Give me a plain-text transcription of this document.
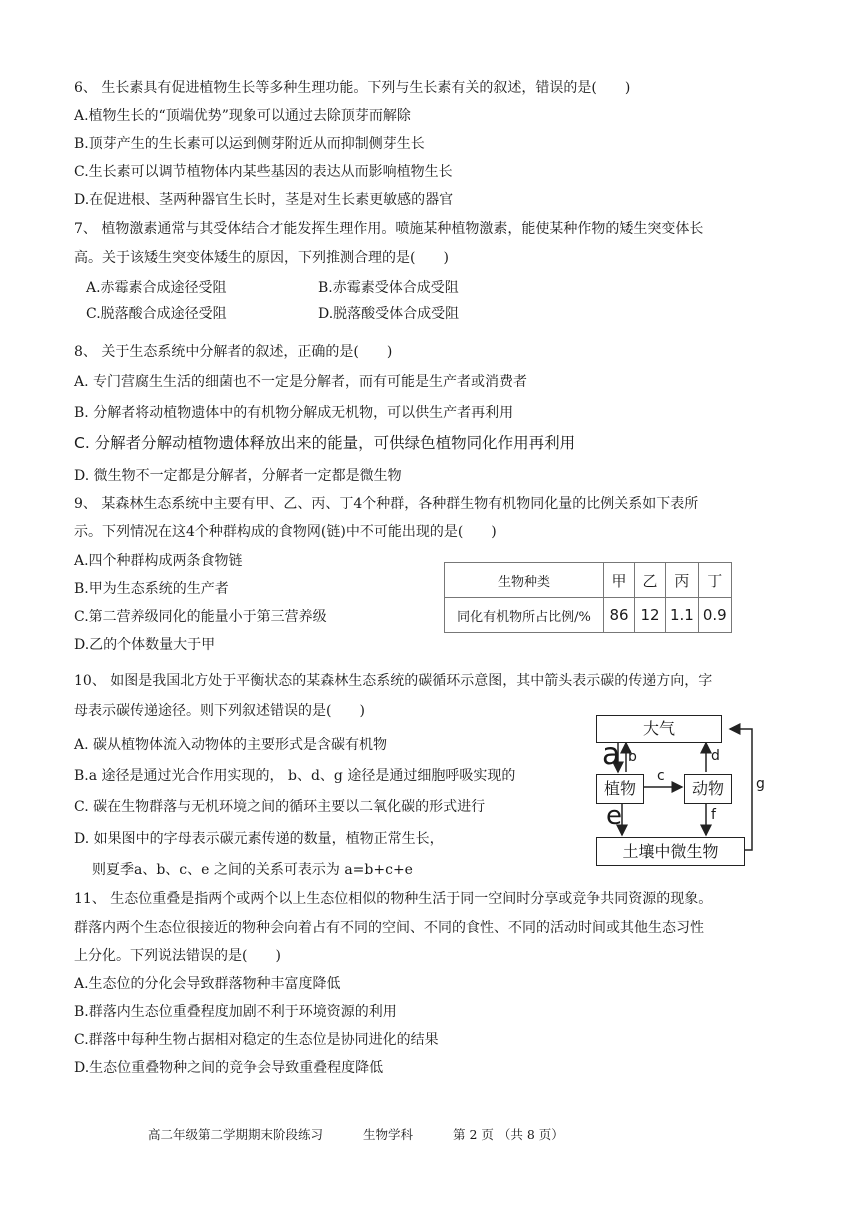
6、 生长素具有促进植物生长等多种生理功能。下列与生长素有关的叙述，错误的是(　　)
A.植物生长的“顶端优势”现象可以通过去除顶芽而解除
B.顶芽产生的生长素可以运到侧芽附近从而抑制侧芽生长
C.生长素可以调节植物体内某些基因的表达从而影响植物生长
D.在促进根、茎两种器官生长时，茎是对生长素更敏感的器官
7、 植物激素通常与其受体结合才能发挥生理作用。喷施某种植物激素，能使某种作物的矮生突变体长
高。关于该矮生突变体矮生的原因，下列推测合理的是(　　)
A.赤霉素合成途径受阻	B.赤霉素受体合成受阻
C.脱落酸合成途径受阻	D.脱落酸受体合成受阻
8、 关于生态系统中分解者的叙述，正确的是(　　)
A. 专门营腐生生活的细菌也不一定是分解者，而有可能是生产者或消费者
B. 分解者将动植物遗体中的有机物分解成无机物，可以供生产者再利用
C. 分解者分解动植物遗体释放出来的能量，可供绿色植物同化作用再利用
D. 微生物不一定都是分解者，分解者一定都是微生物
9、 某森林生态系统中主要有甲、乙、丙、丁4个种群，各种群生物有机物同化量的比例关系如下表所
示。下列情况在这4个种群构成的食物网(链)中不可能出现的是(　　)
A.四个种群构成两条食物链
B.甲为生态系统的生产者
C.第二营养级同化的能量小于第三营养级
D.乙的个体数量大于甲
生物种类	甲	乙	丙	丁
同化有机物所占比例/%	86	12	1.1	0.9
10、 如图是我国北方处于平衡状态的某森林生态系统的碳循环示意图，其中箭头表示碳的传递方向，字
母表示碳传递途径。则下列叙述错误的是(　　)
A. 碳从植物体流入动物体的主要形式是含碳有机物
B.a 途径是通过光合作用实现的， b、d、g 途径是通过细胞呼吸实现的
C. 碳在生物群落与无机环境之间的循环主要以二氧化碳的形式进行
D. 如果图中的字母表示碳元素传递的数量，植物正常生长，
则夏季a、b、c、e 之间的关系可表示为 a=b+c+e
大气
植物	动物
土壤中微生物
a b
c
d
e	f
g
11、 生态位重叠是指两个或两个以上生态位相似的物种生活于同一空间时分享或竞争共同资源的现象。
群落内两个生态位很接近的物种会向着占有不同的空间、不同的食性、不同的活动时间或其他生态习性
上分化。下列说法错误的是(　　)
A.生态位的分化会导致群落物种丰富度降低
B.群落内生态位重叠程度加剧不利于环境资源的利用
C.群落中每种生物占据相对稳定的生态位是协同进化的结果
D.生态位重叠物种之间的竞争会导致重叠程度降低
高二年级第二学期期末阶段练习	生物学科	第 2 页 （共 8 页）
